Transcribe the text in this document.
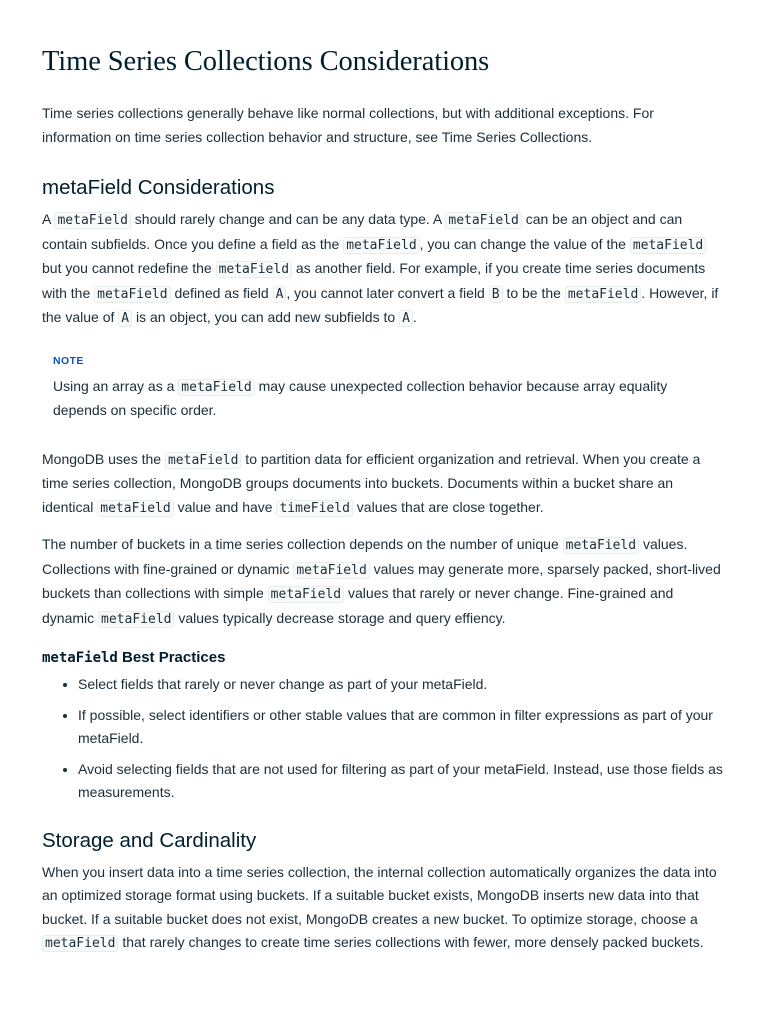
Time Series Collections Considerations

Time series collections generally behave like normal collections, but with additional exceptions. For information on time series collection behavior and structure, see Time Series Collections.

metaField Considerations

A metaField should rarely change and can be any data type. A metaField can be an object and can contain subfields. Once you define a field as the metaField , you can change the value of the metaField but you cannot redefine the metaField as another field. For example, if you create time series documents with the metaField defined as field A , you cannot later convert a field B to be the metaField . However, if the value of A is an object, you can add new subfields to A .

NOTE

Using an array as a metaField may cause unexpected collection behavior because array equality depends on specific order.

MongoDB uses the metaField to partition data for efficient organization and retrieval. When you create a time series collection, MongoDB groups documents into buckets. Documents within a bucket share an identical metaField value and have timeField values that are close together.

The number of buckets in a time series collection depends on the number of unique metaField values. Collections with fine-grained or dynamic metaField values may generate more, sparsely packed, short-lived buckets than collections with simple metaField values that rarely or never change. Fine-grained and dynamic metaField values typically decrease storage and query effiency.

metaField Best Practices
• Select fields that rarely or never change as part of your metaField.
• If possible, select identifiers or other stable values that are common in filter expressions as part of your metaField.
• Avoid selecting fields that are not used for filtering as part of your metaField. Instead, use those fields as measurements.
Storage and Cardinality

When you insert data into a time series collection, the internal collection automatically organizes the data into an optimized storage format using buckets. If a suitable bucket exists, MongoDB inserts new data into that bucket. If a suitable bucket does not exist, MongoDB creates a new bucket. To optimize storage, choose a metaField that rarely changes to create time series collections with fewer, more densely packed buckets.
